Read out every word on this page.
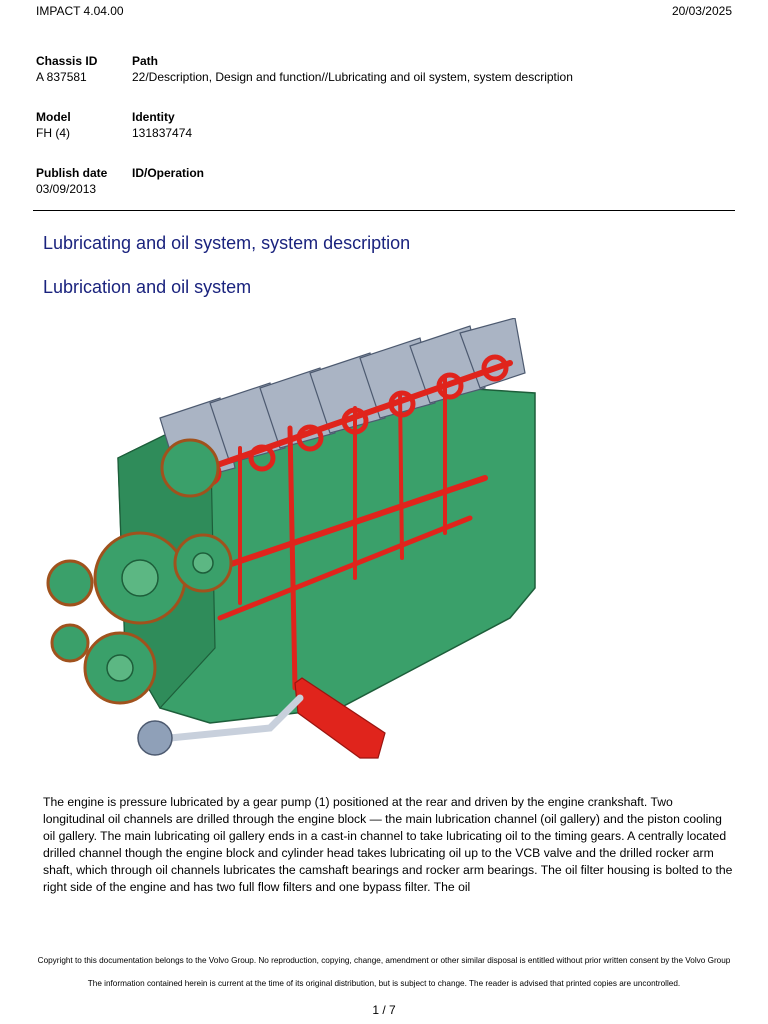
IMPACT 4.04.00	20/03/2025
Chassis ID
A 837581
Path
22/Description, Design and function//Lubricating and oil system, system description
Model
FH (4)
Identity
131837474
Publish date
03/09/2013
ID/Operation
Lubricating and oil system, system description
Lubrication and oil system

The engine is pressure lubricated by a gear pump (1) positioned at the rear and driven by the engine crankshaft. Two longitudinal oil channels are drilled through the engine block — the main lubrication channel (oil gallery) and the piston cooling oil gallery. The main lubricating oil gallery ends in a cast-in channel to take lubricating oil to the timing gears. A centrally located drilled channel though the engine block and cylinder head takes lubricating oil up to the VCB valve and the drilled rocker arm shaft, which through oil channels lubricates the camshaft bearings and rocker arm bearings. The oil filter housing is bolted to the right side of the engine and has two full flow filters and one bypass filter. The oil

Copyright to this documentation belongs to the Volvo Group. No reproduction, copying, change, amendment or other similar disposal is entitled without prior written consent by the Volvo Group
The information contained herein is current at the time of its original distribution, but is subject to change. The reader is advised that printed copies are uncontrolled.
1 / 7
